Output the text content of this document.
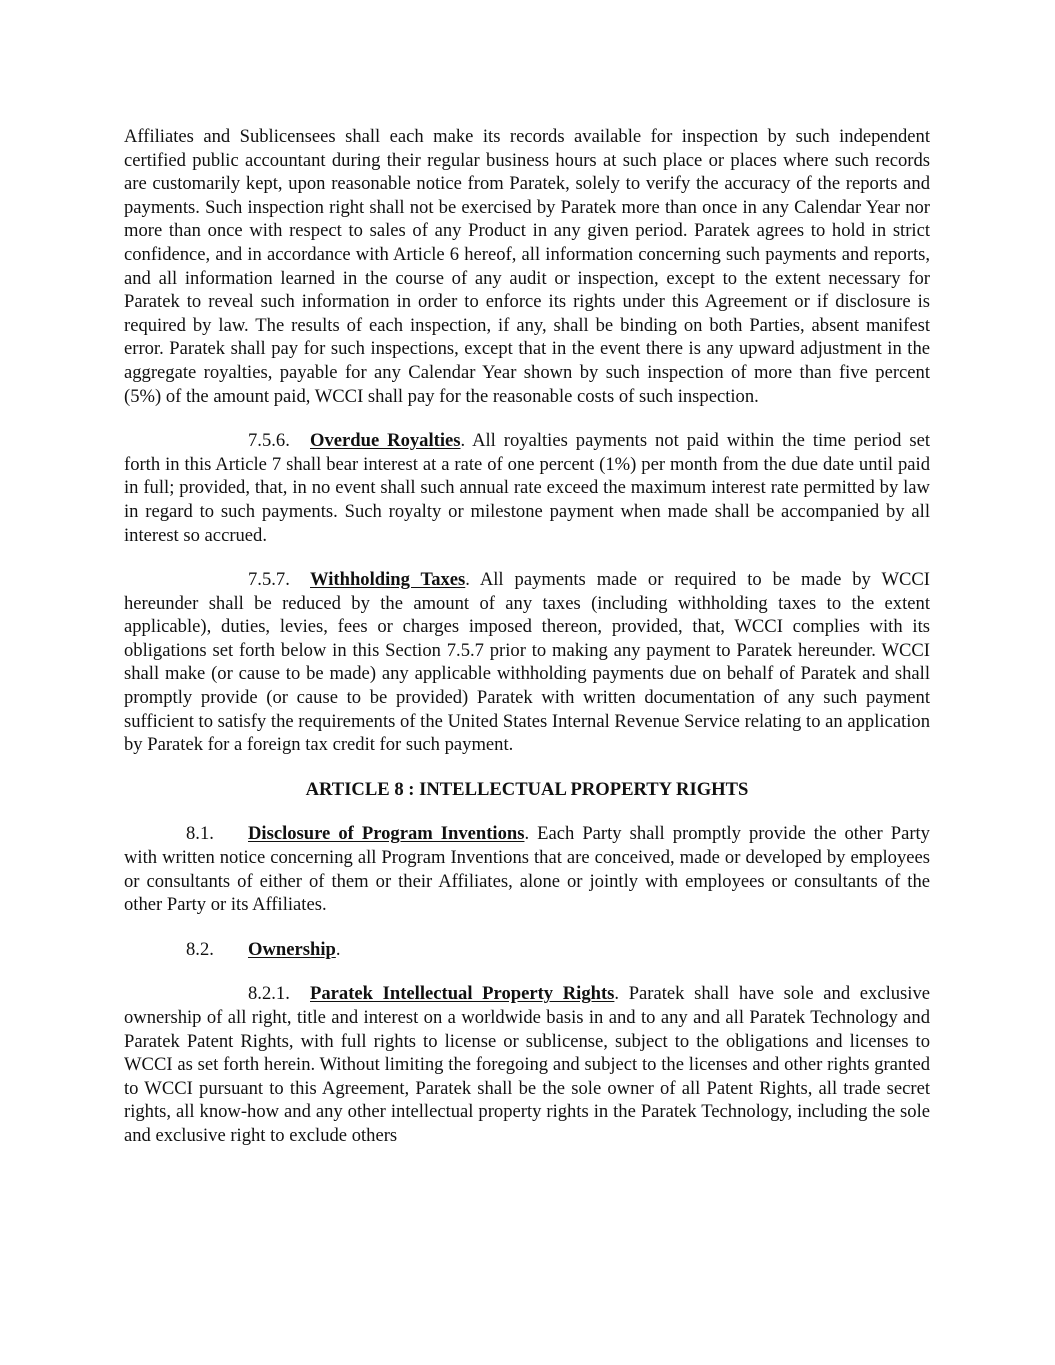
Affiliates and Sublicensees shall each make its records available for inspection by such independent certified public accountant during their regular business hours at such place or places where such records are customarily kept, upon reasonable notice from Paratek, solely to verify the accuracy of the reports and payments. Such inspection right shall not be exercised by Paratek more than once in any Calendar Year nor more than once with respect to sales of any Product in any given period. Paratek agrees to hold in strict confidence, and in accordance with Article 6 hereof, all information concerning such payments and reports, and all information learned in the course of any audit or inspection, except to the extent necessary for Paratek to reveal such information in order to enforce its rights under this Agreement or if disclosure is required by law. The results of each inspection, if any, shall be binding on both Parties, absent manifest error. Paratek shall pay for such inspections, except that in the event there is any upward adjustment in the aggregate royalties, payable for any Calendar Year shown by such inspection of more than five percent (5%) of the amount paid, WCCI shall pay for the reasonable costs of such inspection.

7.5.6. Overdue Royalties. All royalties payments not paid within the time period set forth in this Article 7 shall bear interest at a rate of one percent (1%) per month from the due date until paid in full; provided, that, in no event shall such annual rate exceed the maximum interest rate permitted by law in regard to such payments. Such royalty or milestone payment when made shall be accompanied by all interest so accrued.

7.5.7. Withholding Taxes. All payments made or required to be made by WCCI hereunder shall be reduced by the amount of any taxes (including withholding taxes to the extent applicable), duties, levies, fees or charges imposed thereon, provided, that, WCCI complies with its obligations set forth below in this Section 7.5.7 prior to making any payment to Paratek hereunder. WCCI shall make (or cause to be made) any applicable withholding payments due on behalf of Paratek and shall promptly provide (or cause to be provided) Paratek with written documentation of any such payment sufficient to satisfy the requirements of the United States Internal Revenue Service relating to an application by Paratek for a foreign tax credit for such payment.

ARTICLE 8 : INTELLECTUAL PROPERTY RIGHTS

8.1. Disclosure of Program Inventions. Each Party shall promptly provide the other Party with written notice concerning all Program Inventions that are conceived, made or developed by employees or consultants of either of them or their Affiliates, alone or jointly with employees or consultants of the other Party or its Affiliates.

8.2. Ownership.

8.2.1. Paratek Intellectual Property Rights. Paratek shall have sole and exclusive ownership of all right, title and interest on a worldwide basis in and to any and all Paratek Technology and Paratek Patent Rights, with full rights to license or sublicense, subject to the obligations and licenses to WCCI as set forth herein. Without limiting the foregoing and subject to the licenses and other rights granted to WCCI pursuant to this Agreement, Paratek shall be the sole owner of all Patent Rights, all trade secret rights, all know-how and any other intellectual property rights in the Paratek Technology, including the sole and exclusive right to exclude others
